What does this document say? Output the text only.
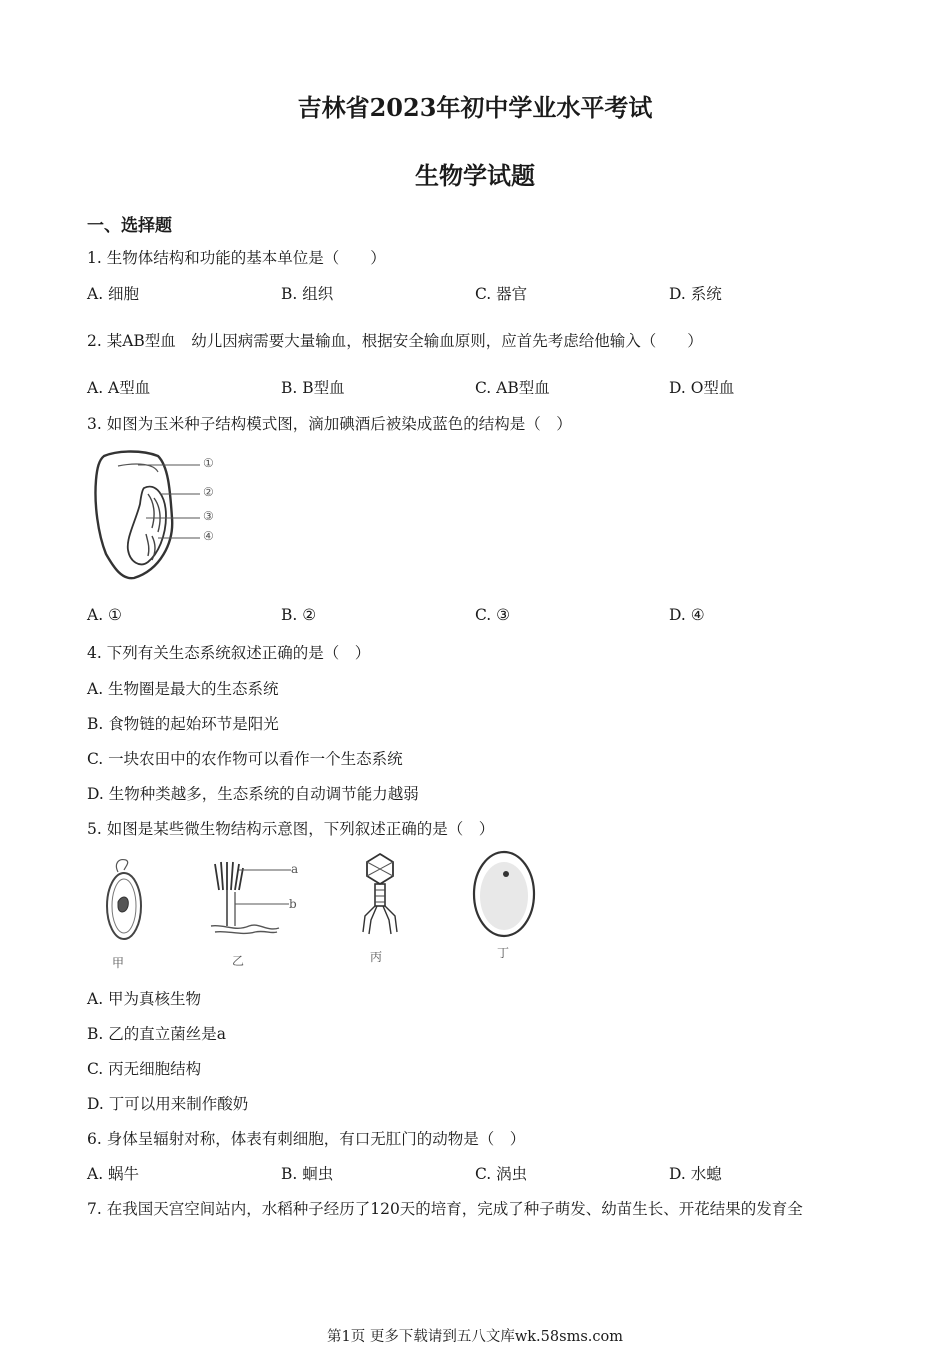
吉林省2023年初中学业水平考试
生物学试题
一、选择题
1. 生物体结构和功能的基本单位是（　　）
A. 细胞	B. 组织	C. 器官	D. 系统
2. 某AB型血　幼儿因病需要大量输血，根据安全输血原则，应首先考虑给他输入（　　）
A. A型血	B. B型血	C. AB型血	D. O型血
3. 如图为玉米种子结构模式图，滴加碘酒后被染成蓝色的结构是（　）
①
②
③
④
A. ①	B. ②	C. ③	D. ④
4. 下列有关生态系统叙述正确的是（　）
A. 生物圈是最大的生态系统
B. 食物链的起始环节是阳光
C. 一块农田中的农作物可以看作一个生态系统
D. 生物种类越多，生态系统的自动调节能力越弱
5. 如图是某些微生物结构示意图，下列叙述正确的是（　）
a
b
甲	乙	丙	丁
A. 甲为真核生物
B. 乙的直立菌丝是a
C. 丙无细胞结构
D. 丁可以用来制作酸奶
6. 身体呈辐射对称，体表有刺细胞，有口无肛门的动物是（　）
A. 蜗牛	B. 蛔虫	C. 涡虫	D. 水螅
7. 在我国天宫空间站内，水稻种子经历了120天的培育，完成了种子萌发、幼苗生长、开花结果的发育全
第1页 更多下载请到五八文库wk.58sms.com
